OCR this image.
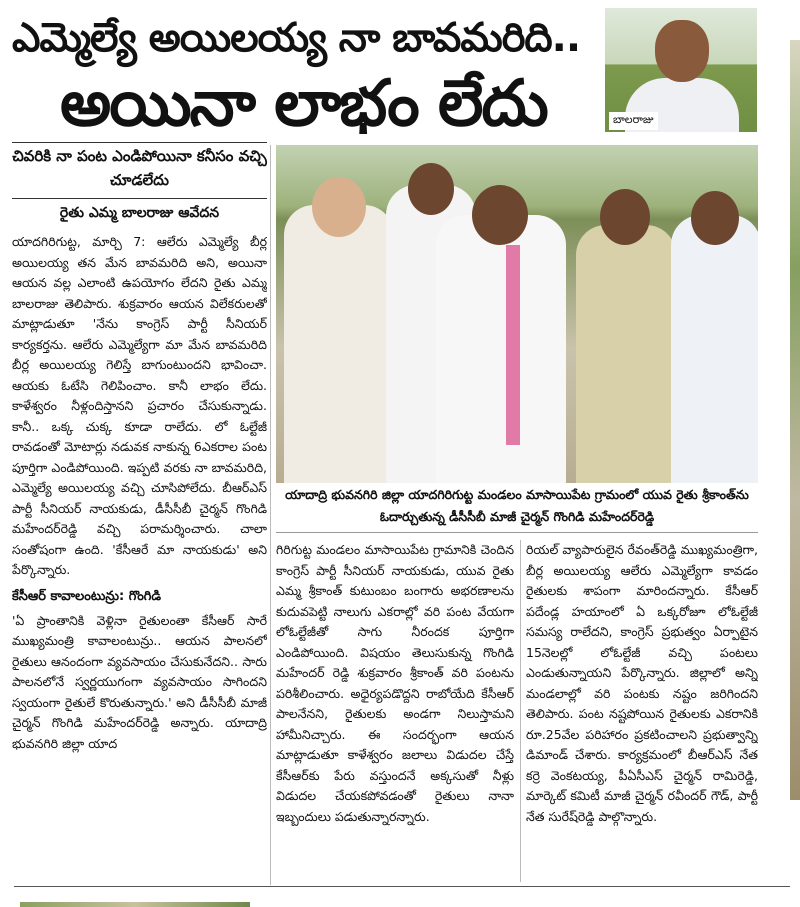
ఎమ్మెల్యే అయిలయ్య నా బావమరిది..
అయినా లాభం లేదు	బాలరాజు
చివరికి నా పంట ఎండిపోయినా కనీసం వచ్చి చూడలేదు
రైతు ఎమ్మ బాలరాజు ఆవేదన

యాదగిరిగుట్ట, మార్చి 7: ఆలేరు ఎమ్మెల్యే బీర్ల అయిలయ్య తన మేన బావమరిది అని, అయినా ఆయన వల్ల ఎలాంటి ఉపయోగం లేదని రైతు ఎమ్మ బాలరాజు తెలిపారు. శుక్రవారం ఆయన విలేకరులతో మాట్లాడుతూ 'నేను కాంగ్రెస్ పార్టీ సీనియర్ కార్యకర్తను. ఆలేరు ఎమ్మెల్యేగా మా మేన బావమరిది బీర్ల అయిలయ్య గెలిస్తే బాగుంటుందని భావించా. ఆయకు ఓటేసి గెలిపించాం. కానీ లాభం లేదు. కాళేశ్వరం నీళ్లందిస్తానని ప్రచారం చేసుకున్నాడు. కానీ.. ఒక్క చుక్క కూడా రాలేదు. లో ఓల్టేజీ రావడంతో మోటార్లు నడువక నాకున్న 6ఎకరాల పంట పూర్తిగా ఎండిపోయింది. ఇప్పటి వరకు నా బావమరిది, ఎమ్మెల్యే అయిలయ్య వచ్చి చూసిపోలేదు. బీఆర్ఎస్ పార్టీ సీనియర్ నాయకుడు, డీసీసీబీ చైర్మన్ గొంగిడి మహేందర్‌రెడ్డి వచ్చి పరామర్శించారు. చాలా సంతోషంగా ఉంది. 'కేసీఆరే మా నాయకుడు' అని పేర్కొన్నారు.

కేసీఆర్ కావాలంటున్రు: గొంగిడి

'ఏ ప్రాంతానికి వెళ్లినా రైతులంతా కేసీఆర్ సారే ముఖ్యమంత్రి కావాలంటున్రు.. ఆయన పాలనలో రైతులు ఆనందంగా వ్యవసాయం చేసుకునేదని.. సారు పాలనలోనే స్వర్ణయుగంగా వ్యవసాయం సాగిందని స్వయంగా రైతులే కొరుతున్నారు.' అని డీసీసీబీ మాజీ చైర్మన్ గొంగిడి మహేందర్‌రెడ్డి అన్నారు. యాదాద్రి భువనగిరి జిల్లా యాద

యాదాద్రి భువనగిరి జిల్లా యాదగిరిగుట్ట మండలం మాసాయిపేట గ్రామంలో యువ రైతు శ్రీకాంత్‌ను ఓదార్చుతున్న డీసీసీబీ మాజీ చైర్మన్ గొంగిడి మహేందర్‌రెడ్డి
గిరిగుట్ట మండలం మాసాయిపేట గ్రామానికి చెందిన కాంగ్రెస్ పార్టీ సీనియర్ నాయకుడు, యువ రైతు ఎమ్మ శ్రీకాంత్ కుటుంబం బంగారు అభరణాలను కుదువపెట్టి నాలుగు ఎకరాల్లో వరి పంట వేయగా లోఓల్టేజీతో సాగు నీరందక పూర్తిగా ఎండిపోయింది. విషయం తెలుసుకున్న గొంగిడి మహేందర్ రెడ్డి శుక్రవారం శ్రీకాంత్ వరి పంటను పరిశీలించారు. అధైర్యపడొద్దని రాబోయేది కేసీఆర్ పాలనేనని, రైతులకు అండగా నిలుస్తామని హామీనిచ్చారు. ఈ సందర్భంగా ఆయన మాట్లాడుతూ కాళేశ్వరం జలాలు విడుదల చేస్తే కేసీఆర్‌కు పేరు వస్తుందనే అక్కసుతో నీళ్లు విడుదల చేయకపోవడంతో రైతులు నానా ఇబ్బందులు పడుతున్నారన్నారు.
రియల్ వ్యాపారులైన రేవంత్‌రెడ్డి ముఖ్యమంత్రిగా, బీర్ల అయిలయ్య ఆలేరు ఎమ్మెల్యేగా కావడం రైతులకు శాపంగా మారిందన్నారు. కేసీఆర్ పదేండ్ల హయాంలో ఏ ఒక్కరోజూ లోఓల్టేజీ సమస్య రాలేదని, కాంగ్రెస్ ప్రభుత్వం ఏర్పాటైన 15నెలల్లో లోఓల్టేజీ వచ్చి పంటలు ఎండుతున్నాయని పేర్కొన్నారు. జిల్లాలో అన్ని మండలాల్లో వరి పంటకు నష్టం జరిగిందని తెలిపారు. పంట నష్టపోయిన రైతులకు ఎకరానికి రూ.25వేల పరిహారం ప్రకటించాలని ప్రభుత్వాన్ని డిమాండ్ చేశారు. కార్యక్రమంలో బీఆర్ఎస్ నేత కర్రె వెంకటయ్య, పీఏసీఎస్ చైర్మన్ రామిరెడ్డి, మార్కెట్ కమిటీ మాజీ చైర్మన్ రవీందర్ గౌడ్, పార్టీ నేత సురేష్‌రెడ్డి పాల్గొన్నారు.
